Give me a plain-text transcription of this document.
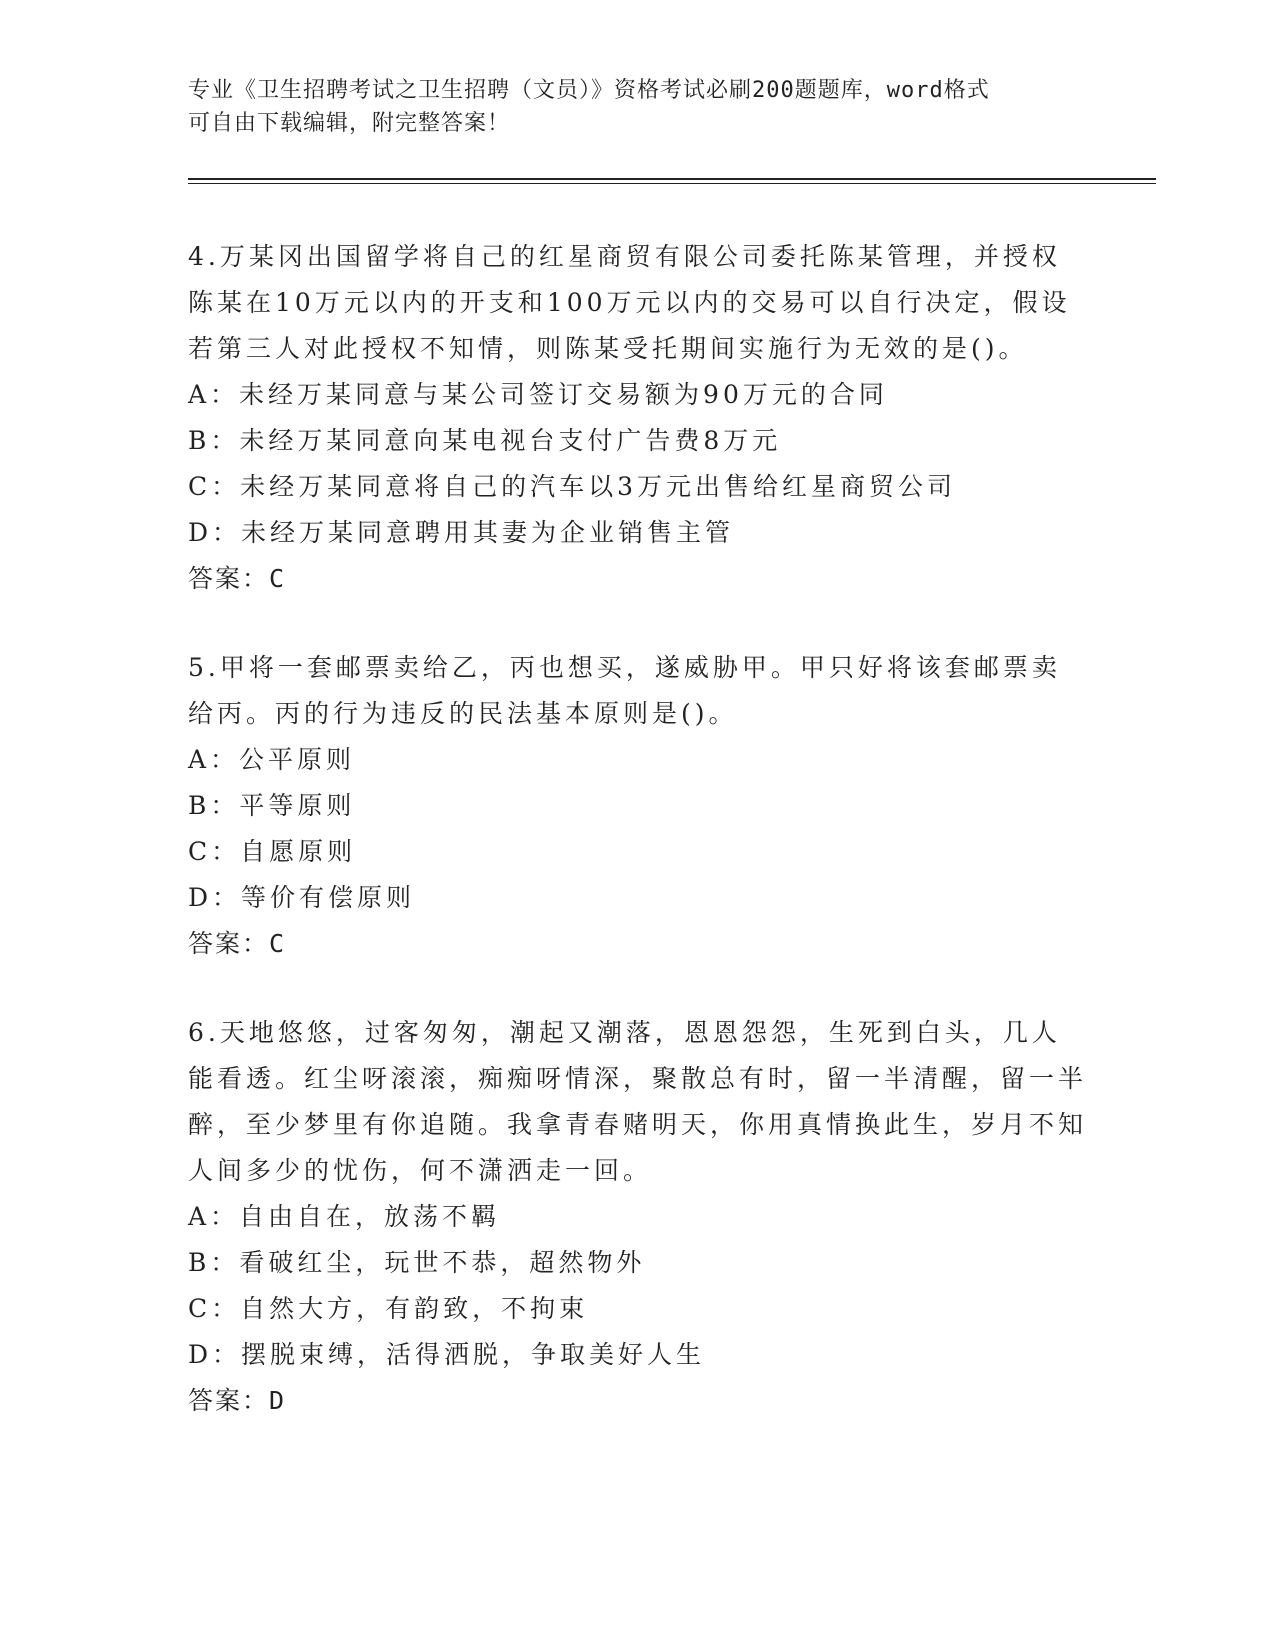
专业《卫生招聘考试之卫生招聘（文员）》资格考试必刷200题题库，word格式
可自由下载编辑，附完整答案！
4.万某冈出国留学将自己的红星商贸有限公司委托陈某管理，并授权陈某在10万元以内的开支和100万元以内的交易可以自行决定，假设若第三人对此授权不知情，则陈某受托期间实施行为无效的是()。
A：未经万某同意与某公司签订交易额为90万元的合同
B：未经万某同意向某电视台支付广告费8万元
C：未经万某同意将自己的汽车以3万元出售给红星商贸公司
D：未经万某同意聘用其妻为企业销售主管
答案：C
5.甲将一套邮票卖给乙，丙也想买，遂威胁甲。甲只好将该套邮票卖给丙。丙的行为违反的民法基本原则是()。
A：公平原则
B：平等原则
C：自愿原则
D：等价有偿原则
答案：C
6.天地悠悠，过客匆匆，潮起又潮落，恩恩怨怨，生死到白头，几人能看透。红尘呀滚滚，痴痴呀情深，聚散总有时，留一半清醒，留一半醉，至少梦里有你追随。我拿青春赌明天，你用真情换此生，岁月不知人间多少的忧伤，何不潇洒走一回。
A：自由自在，放荡不羁
B：看破红尘，玩世不恭，超然物外
C：自然大方，有韵致，不拘束
D：摆脱束缚，活得洒脱，争取美好人生
答案：D
